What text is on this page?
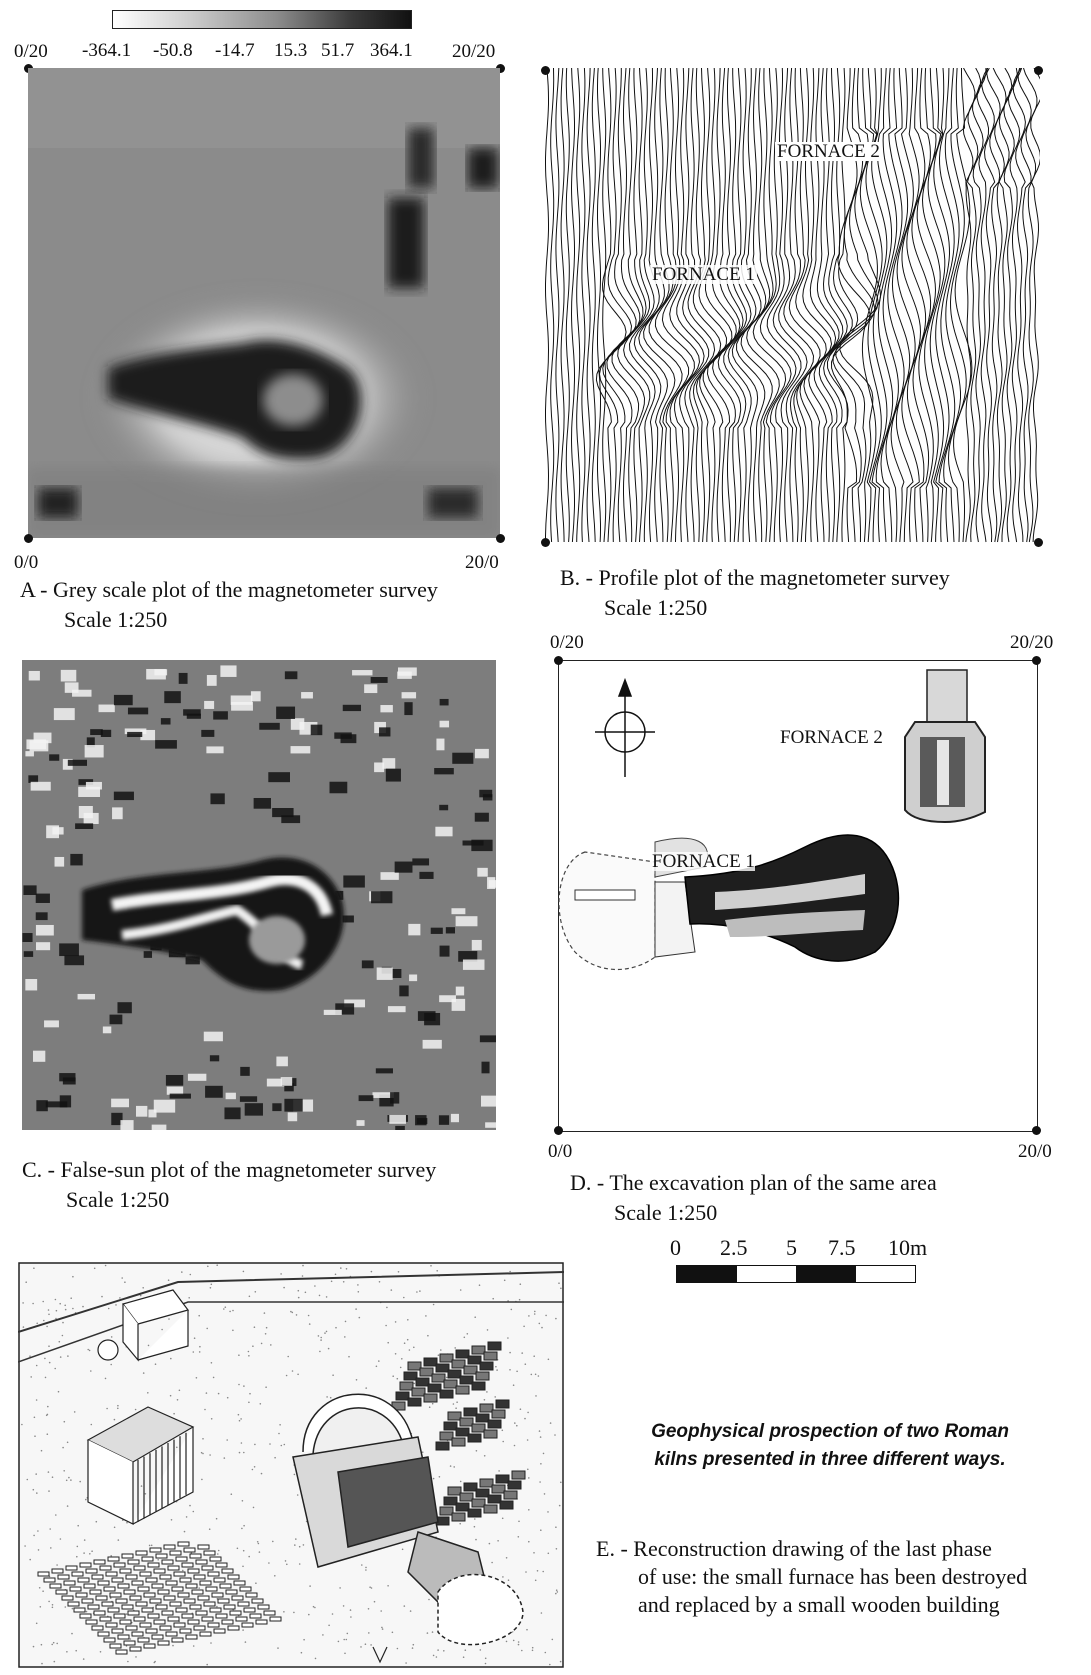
-364.1 -50.8 -14.7 15.3 51.7 364.1
0/20	20/20
0/0	20/0
A - Grey scale plot of the magnetometer survey
Scale 1:250
FORNACE 2
FORNACE 1
B. - Profile plot of the magnetometer survey
Scale 1:250
C. - False-sun plot of the magnetometer survey
Scale 1:250
0/20	20/20
FORNACE 2
FORNACE 1
0/0	20/0
D. - The excavation plan of the same area
Scale 1:250
0 2.5 5 7.5 10m
Geophysical prospection of two Roman
kilns presented in three different ways.
E. - Reconstruction drawing of the last phase
of use: the small furnace has been destroyed
and replaced by a small wooden building
